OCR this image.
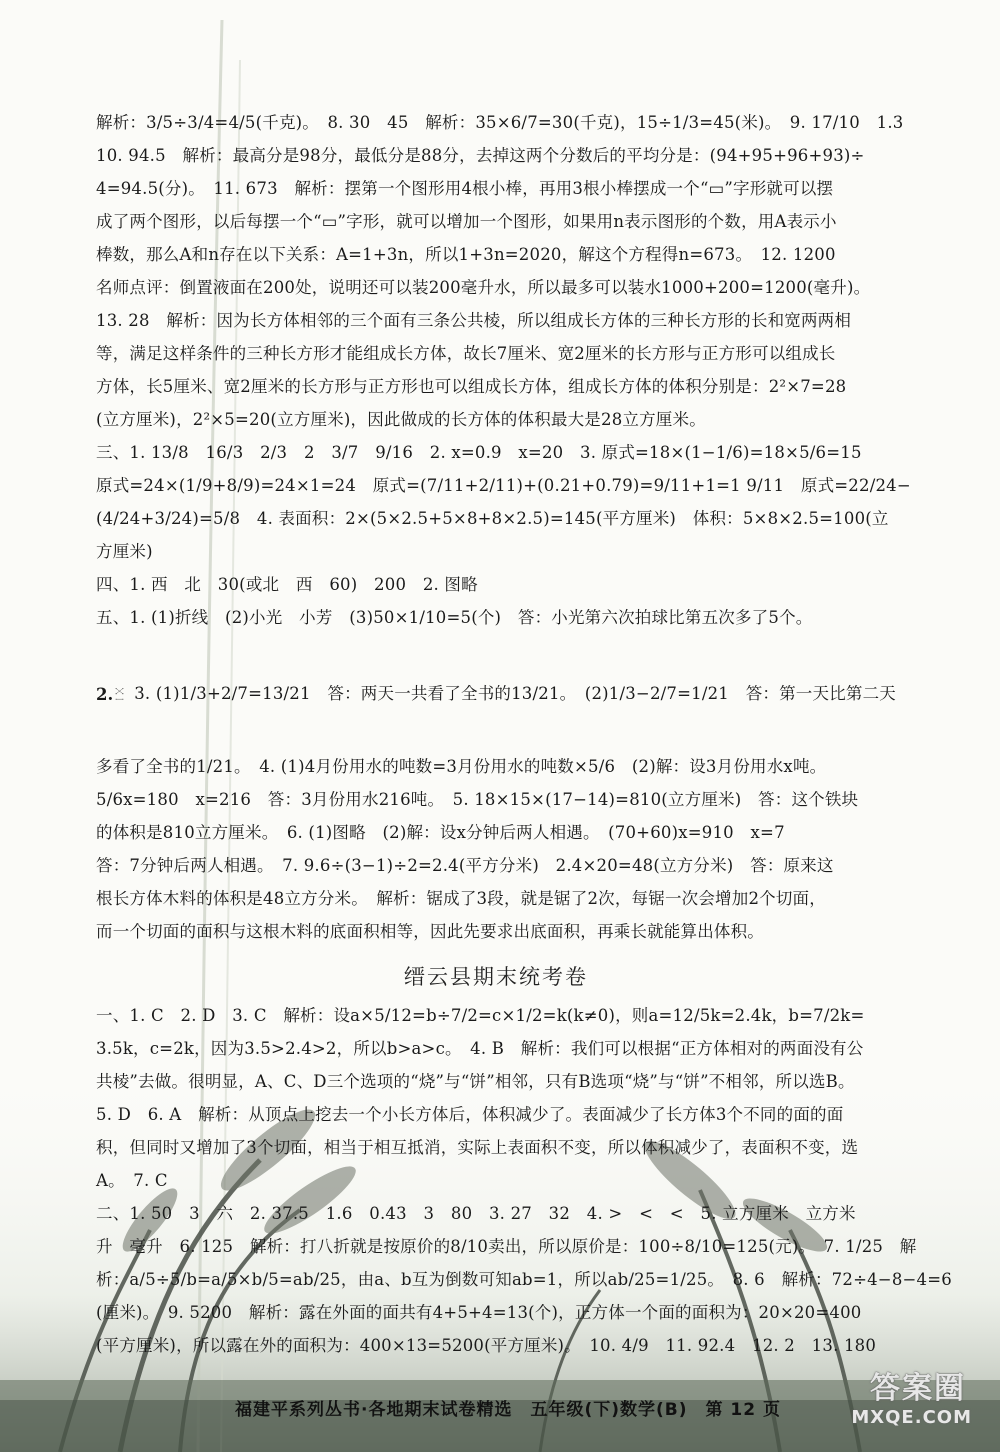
解析：3/5÷3/4=4/5(千克)。　8. 30　45　解析：35×6/7=30(千克)，15÷1/3=45(米)。　9. 17/10　1.3
10. 94.5　解析：最高分是98分，最低分是88分，去掉这两个分数后的平均分是：(94+95+96+93)÷
4=94.5(分)。　11. 673　解析：摆第一个图形用4根小棒，再用3根小棒摆成一个“▭”字形就可以摆
成了两个图形，以后每摆一个“▭”字形，就可以增加一个图形，如果用n表示图形的个数，用A表示小
棒数，那么A和n存在以下关系：A=1+3n，所以1+3n=2020，解这个方程得n=673。　12. 1200
名师点评：倒置液面在200处，说明还可以装200毫升水，所以最多可以装水1000+200=1200(毫升)。
13. 28　解析：因为长方体相邻的三个面有三条公共棱，所以组成长方体的三种长方形的长和宽两两相
等，满足这样条件的三种长方形才能组成长方体，故长7厘米、宽2厘米的长方形与正方形可以组成长
方体，长5厘米、宽2厘米的长方形与正方形也可以组成长方体，组成长方体的体积分别是：2²×7=28
(立方厘米)，2²×5=20(立方厘米)，因此做成的长方体的体积最大是28立方厘米。
三、1. 13/8　16/3　2/3　2　3/7　9/16　2. x=0.9　x=20　3. 原式=18×(1−1/6)=18×5/6=15
原式=24×(1/9+8/9)=24×1=24　原式=(7/11+2/11)+(0.21+0.79)=9/11+1=1 9/11　原式=22/24−
(4/24+3/24)=5/8　4. 表面积：2×(5×2.5+5×8+8×2.5)=145(平方厘米)　体积：5×8×2.5=100(立
方厘米)
四、1. 西　北　30(或北　西　60)　200　2. 图略
五、1. (1)折线　(2)小光　小芳　(3)50×1/10=5(个)　答：小光第六次拍球比第五次多了5个。
2. 3. (1)1/3+2/7=13/21　答：两天一共看了全书的13/21。　(2)1/3−2/7=1/21　答：第一天比第二天
多看了全书的1/21。　4. (1)4月份用水的吨数=3月份用水的吨数×5/6　(2)解：设3月份用水x吨。
5/6x=180　x=216　答：3月份用水216吨。　5. 18×15×(17−14)=810(立方厘米)　答：这个铁块
的体积是810立方厘米。　6. (1)图略　(2)解：设x分钟后两人相遇。　(70+60)x=910　x=7
答：7分钟后两人相遇。　7. 9.6÷(3−1)÷2=2.4(平方分米)　2.4×20=48(立方分米)　答：原来这
根长方体木料的体积是48立方分米。　解析：锯成了3段，就是锯了2次，每锯一次会增加2个切面，
而一个切面的面积与这根木料的底面积相等，因此先要求出底面积，再乘长就能算出体积。
缙云县期末统考卷
一、1. C　2. D　3. C　解析：设a×5/12=b÷7/2=c×1/2=k(k≠0)，则a=12/5k=2.4k，b=7/2k=
3.5k，c=2k，因为3.5>2.4>2，所以b>a>c。　4. B　解析：我们可以根据“正方体相对的两面没有公
共棱”去做。很明显，A、C、D三个选项的“烧”与“饼”相邻，只有B选项“烧”与“饼”不相邻，所以选B。
5. D　6. A　解析：从顶点上挖去一个小长方体后，体积减少了。表面减少了长方体3个不同的面的面
积，但同时又增加了3个切面，相当于相互抵消，实际上表面积不变，所以体积减少了，表面积不变，选
A。　7. C
二、1. 50　3　六　2. 37.5　1.6　0.43　3　80　3. 27　32　4. >　<　<　5. 立方厘米　立方米
升　毫升　6. 125　解析：打八折就是按原价的8/10卖出，所以原价是：100÷8/10=125(元)。　7. 1/25　解
析：a/5÷5/b=a/5×b/5=ab/25，由a、b互为倒数可知ab=1，所以ab/25=1/25。　8. 6　解析：72÷4−8−4=6
(厘米)。　9. 5200　解析：露在外面的面共有4+5+4=13(个)，正方体一个面的面积为：20×20=400
(平方厘米)，所以露在外的面积为：400×13=5200(平方厘米)。　10. 4/9　11. 92.4　12. 2　13. 180
福建平系列丛书·各地期末试卷精选　五年级(下)数学(B)　第 12 页
答案圈
MXQE.COM
